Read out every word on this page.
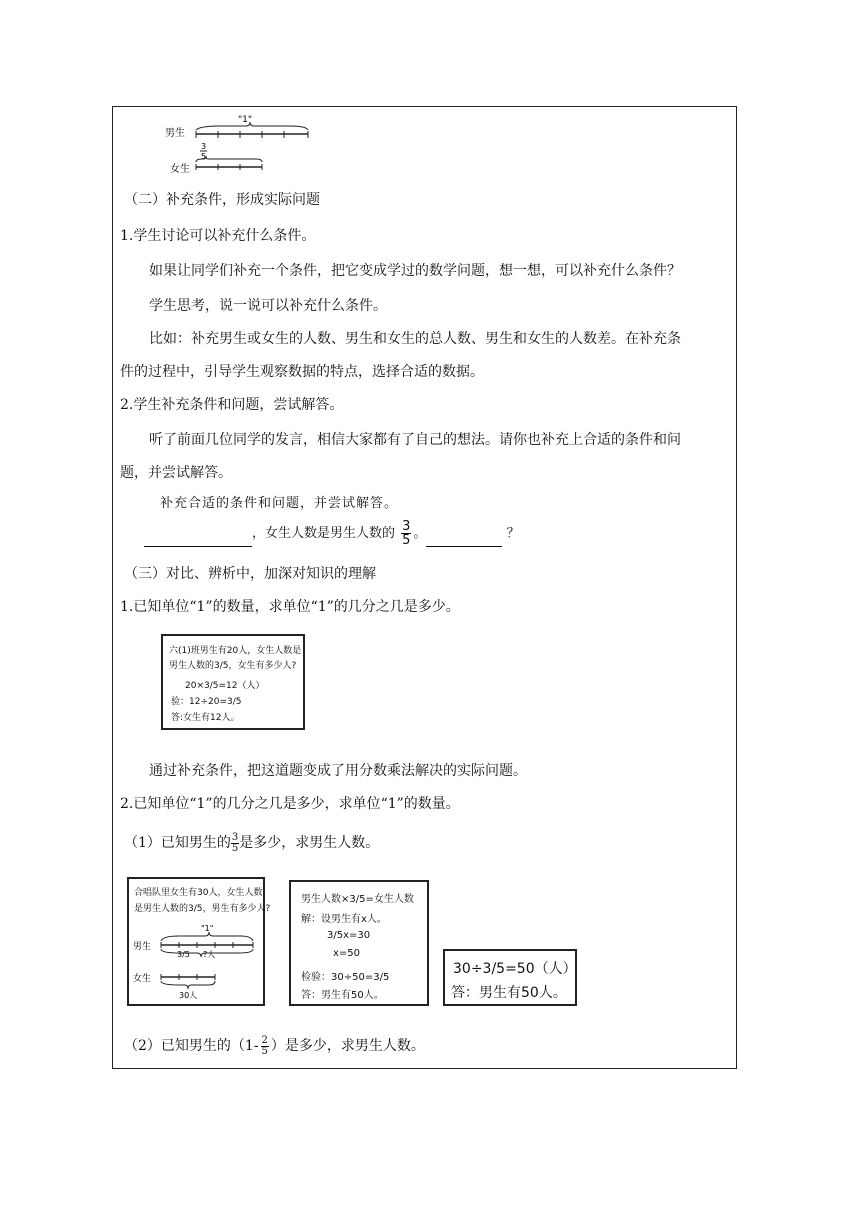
男生
"1"
3
5
女生
（二）补充条件，形成实际问题
1.学生讨论可以补充什么条件。
如果让同学们补充一个条件，把它变成学过的数学问题，想一想，可以补充什么条件？
学生思考，说一说可以补充什么条件。
比如：补充男生或女生的人数、男生和女生的总人数、男生和女生的人数差。在补充条
件的过程中，引导学生观察数据的特点，选择合适的数据。
2.学生补充条件和问题，尝试解答。
听了前面几位同学的发言，相信大家都有了自己的想法。请你也补充上合适的条件和问
题，并尝试解答。
补充合适的条件和问题，并尝试解答。
，女生人数是男生人数的 $\frac{3}{5}$ 。	？
（三）对比、辨析中，加深对知识的理解
1.已知单位“1”的数量，求单位“1”的几分之几是多少。
六(1)班男生有20人，女生人数是
男生人数的3/5，女生有多少人?
20×3/5=12（人）
验：12÷20=3/5
答:女生有12人。
通过补充条件，把这道题变成了用分数乘法解决的实际问题。
2.已知单位“1”的几分之几是多少，求单位“1”的数量。
（1）已知男生的 $\frac{3}{5}$ 是多少，求男生人数。
合唱队里女生有30人，女生人数
是男生人数的3/5，男生有多少人?
男生
"1"
3/5 ?人
女生
30人
男生人数×3/5=女生人数
解：设男生有x人。
3/5x=30
x=50
检验：30÷50=3/5
答：男生有50人。
30÷3/5=50（人）
答：男生有50人。
（2）已知男生的（$1- \frac{2}{5}$ ）是多少，求男生人数。
